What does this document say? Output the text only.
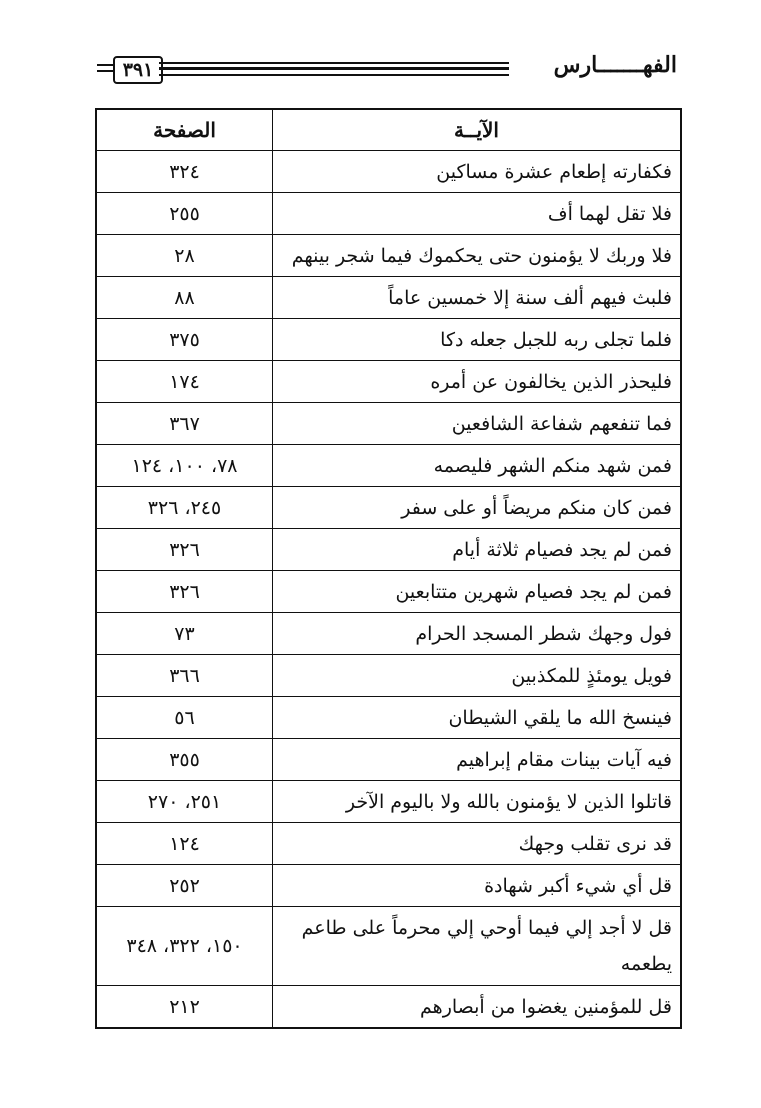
٣٩١	الفهـــــــارس
الآيــة	الصفحة
فكفارته إطعام عشرة مساكين	٣٢٤
فلا تقل لهما أف	٢٥٥
فلا وربك لا يؤمنون حتى يحكموك فيما شجر بينهم	٢٨
فلبث فيهم ألف سنة إلا خمسين عاماً	٨٨
فلما تجلى ربه للجبل جعله دكا	٣٧٥
فليحذر الذين يخالفون عن أمره	١٧٤
فما تنفعهم شفاعة الشافعين	٣٦٧
فمن شهد منكم الشهر فليصمه	٧٨، ١٠٠، ١٢٤
فمن كان منكم مريضاً أو على سفر	٢٤٥، ٣٢٦
فمن لم يجد فصيام ثلاثة أيام	٣٢٦
فمن لم يجد فصيام شهرين متتابعين	٣٢٦
فول وجهك شطر المسجد الحرام	٧٣
فويل يومئذٍ للمكذبين	٣٦٦
فينسخ الله ما يلقي الشيطان	٥٦
فيه آيات بينات مقام إبراهيم	٣٥٥
قاتلوا الذين لا يؤمنون بالله ولا باليوم الآخر	٢٥١، ٢٧٠
قد نرى تقلب وجهك	١٢٤
قل أي شيء أكبر شهادة	٢٥٢
قل لا أجد إلي فيما أوحي إلي محرماً على طاعم يطعمه	١٥٠، ٣٢٢، ٣٤٨
قل للمؤمنين يغضوا من أبصارهم	٢١٢
